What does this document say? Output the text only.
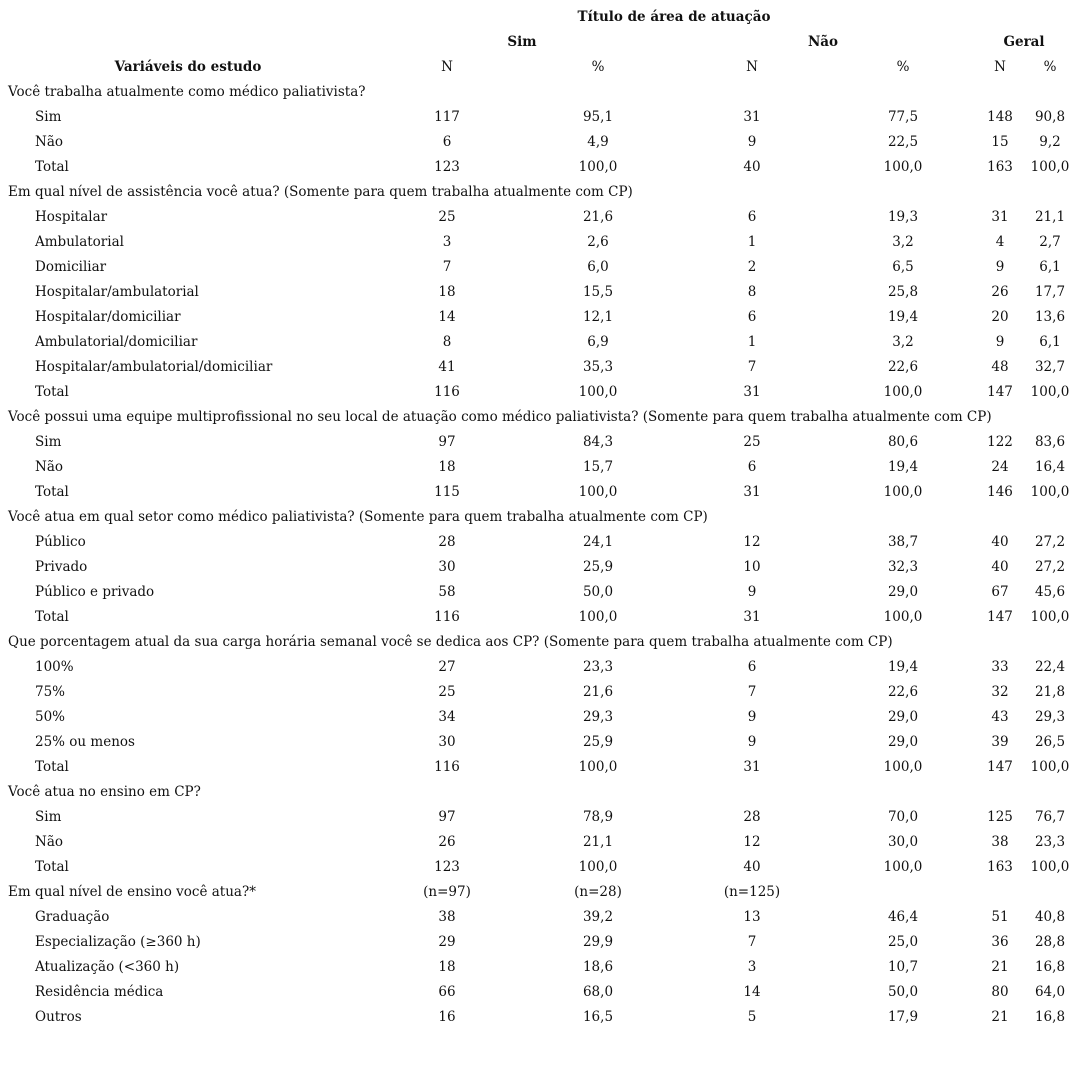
Título de área de atuação
Sim	Não	Geral
Variáveis do estudo	N	%	N	%	N	%
Você trabalha atualmente como médico paliativista?
Sim	117	95,1	31	77,5	148 90,8
Não	6	4,9	9	22,5	15 9,2
Total	123	100,0	40	100,0	163 100,0
Em qual nível de assistência você atua? (Somente para quem trabalha atualmente com CP)
Hospitalar	25	21,6	6	19,3	31 21,1
Ambulatorial	3	2,6	1	3,2	4	2,7
Domiciliar	7	6,0	2	6,5	9	6,1
Hospitalar/ambulatorial	18	15,5	8	25,8	26 17,7
Hospitalar/domiciliar	14	12,1	6	19,4	20 13,6
Ambulatorial/domiciliar	8	6,9	1	3,2	9	6,1
Hospitalar/ambulatorial/domiciliar	41	35,3	7	22,6	48 32,7
Total	116	100,0	31	100,0	147 100,0
Você possui uma equipe multiprofissional no seu local de atuação como médico paliativista? (Somente para quem trabalha atualmente com CP)
Sim	97	84,3	25	80,6	122 83,6
Não	18	15,7	6	19,4	24 16,4
Total	115	100,0	31	100,0	146 100,0
Você atua em qual setor como médico paliativista? (Somente para quem trabalha atualmente com CP)
Público	28	24,1	12	38,7	40 27,2
Privado	30	25,9	10	32,3	40 27,2
Público e privado	58	50,0	9	29,0	67 45,6
Total	116	100,0	31	100,0	147 100,0
Que porcentagem atual da sua carga horária semanal você se dedica aos CP? (Somente para quem trabalha atualmente com CP)
100%	27	23,3	6	19,4	33 22,4
75%	25	21,6	7	22,6	32 21,8
50%	34	29,3	9	29,0	43 29,3
25% ou menos	30	25,9	9	29,0	39 26,5
Total	116	100,0	31	100,0	147 100,0
Você atua no ensino em CP?
Sim	97	78,9	28	70,0	125 76,7
Não	26	21,1	12	30,0	38 23,3
Total	123	100,0	40	100,0	163 100,0
Em qual nível de ensino você atua?*	(n=97)	(n=28)	(n=125)
Graduação	38	39,2	13	46,4	51 40,8
Especialização (≥360 h)	29	29,9	7	25,0	36 28,8
Atualização (<360 h)	18	18,6	3	10,7	21 16,8
Residência médica	66	68,0	14	50,0	80 64,0
Outros	16	16,5	5	17,9	21 16,8
